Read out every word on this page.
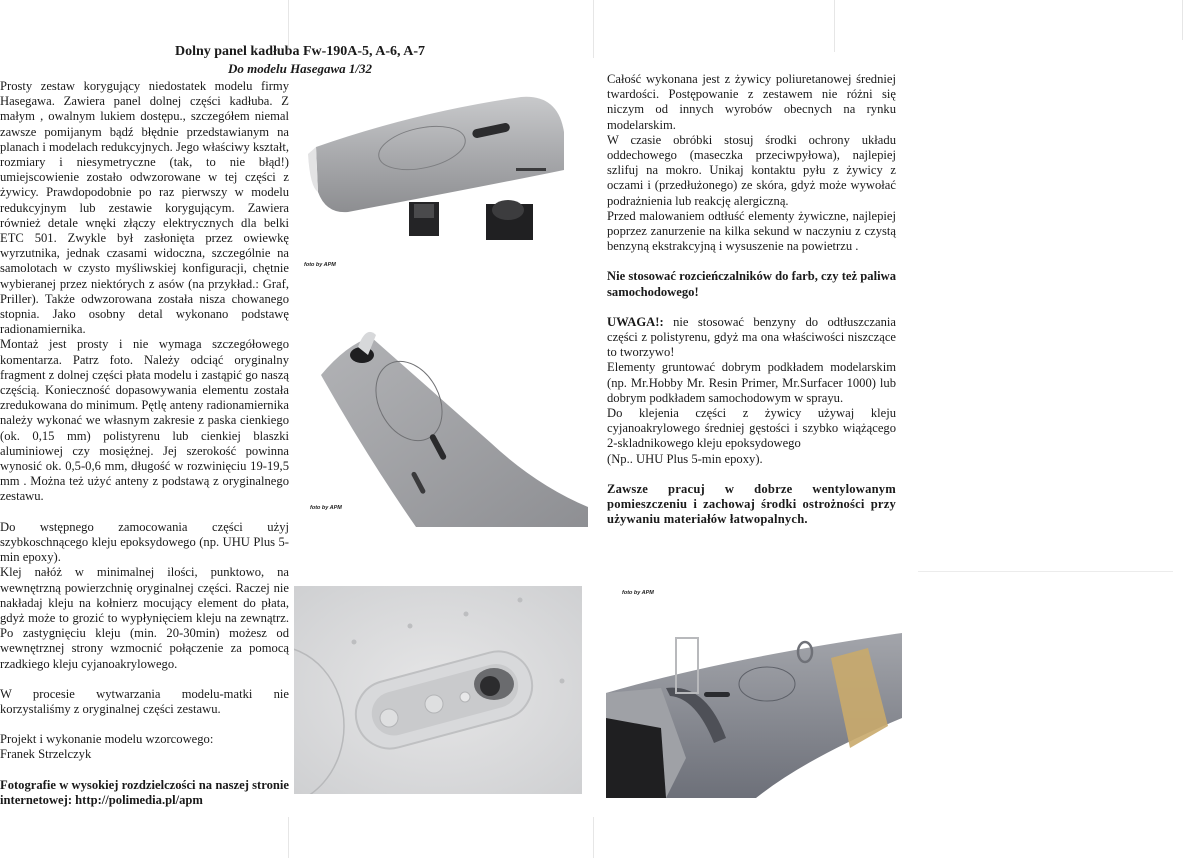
Dolny panel kadłuba Fw-190A-5, A-6, A-7
Do modelu Hasegawa 1/32

Prosty zestaw korygujący niedostatek modelu firmy Hasegawa. Zawiera panel dolnej części kadłuba. Z małym , owalnym lukiem dostępu., szczegółem niemal zawsze pomijanym bądź błędnie przedstawianym na planach i modelach redukcyjnych. Jego właściwy kształt, rozmiary i niesymetryczne (tak, to nie błąd!) umiejscowienie zostało odwzorowane w tej części z żywicy. Prawdopodobnie po raz pierwszy w modelu redukcyjnym lub zestawie korygującym. Zawiera również detale wnęki złączy elektrycznych dla belki ETC 501. Zwykle był zasłonięta przez owiewkę wyrzutnika, jednak czasami widoczna, szczególnie na samolotach w czysto myśliwskiej konfiguracji, chętnie wybieranej przez niektórych z asów (na przykład.: Graf, Priller). Także odwzorowana została nisza chowanego stopnia. Jako osobny detal wykonano podstawę radionamiernika.

Montaż jest prosty i nie wymaga szczegółowego komentarza. Patrz foto. Należy odciąć oryginalny fragment z dolnej części płata modelu i zastąpić go naszą częścią. Konieczność dopasowywania elementu została zredukowana do minimum. Pętlę anteny radionamiernika należy wykonać we własnym zakresie z paska cienkiego (ok. 0,15 mm) polistyrenu lub cienkiej blaszki aluminiowej czy mosiężnej. Jej szerokość powinna wynosić ok. 0,5-0,6 mm, długość w rozwinięciu 19-19,5 mm . Można też użyć anteny z podstawą z oryginalnego zestawu.

Do wstępnego zamocowania części użyj szybkoschnącego kleju epoksydowego (np. UHU Plus 5-min epoxy).

Klej nałóż w minimalnej ilości, punktowo, na wewnętrzną powierzchnię oryginalnej części. Raczej nie nakładaj kleju na kołnierz mocujący element do płata, gdyż może to grozić to wypłynięciem kleju na zewnątrz. Po zastygnięciu kleju (min. 20-30min) możesz od wewnętrznej strony wzmocnić połączenie za pomocą rzadkiego kleju cyjanoakrylowego.

W procesie wytwarzania modelu-matki nie korzystaliśmy z oryginalnej części zestawu.

Projekt i wykonanie modelu wzorcowego:

Franek Strzelczyk

Fotografie w wysokiej rozdzielczości na naszej stronie internetowej: http://polimedia.pl/apm

Całość wykonana jest z żywicy poliuretanowej średniej twardości. Postępowanie z zestawem nie różni się niczym od innych wyrobów obecnych na rynku modelarskim.

W czasie obróbki stosuj środki ochrony układu oddechowego (maseczka przeciwpyłowa), najlepiej szlifuj na mokro. Unikaj kontaktu pyłu z żywicy z oczami i (przedłużonego) ze skóra, gdyż może wywołać podrażnienia lub reakcję alergiczną.

Przed malowaniem odtłuść elementy żywiczne, najlepiej poprzez zanurzenie na kilka sekund w naczyniu z czystą benzyną ekstrakcyjną i wysuszenie na powietrzu .

Nie stosować rozcieńczalników do farb, czy też paliwa samochodowego!

UWAGA!: nie stosować benzyny do odtłuszczania części z polistyrenu, gdyż ma ona właściwości niszczące to tworzywo!

Elementy gruntować dobrym podkładem modelarskim (np. Mr.Hobby Mr. Resin Primer, Mr.Surfacer 1000) lub dobrym podkładem samochodowym w sprayu.

Do klejenia części z żywicy używaj kleju cyjanoakrylowego średniej gęstości i szybko wiążącego 2-skladnikowego kleju epoksydowego

(Np.. UHU Plus 5-min epoxy).

Zawsze pracuj w dobrze wentylowanym pomieszczeniu i zachowaj środki ostrożności przy używaniu materiałów łatwopalnych.

foto by APM
foto by APM
foto by APM
